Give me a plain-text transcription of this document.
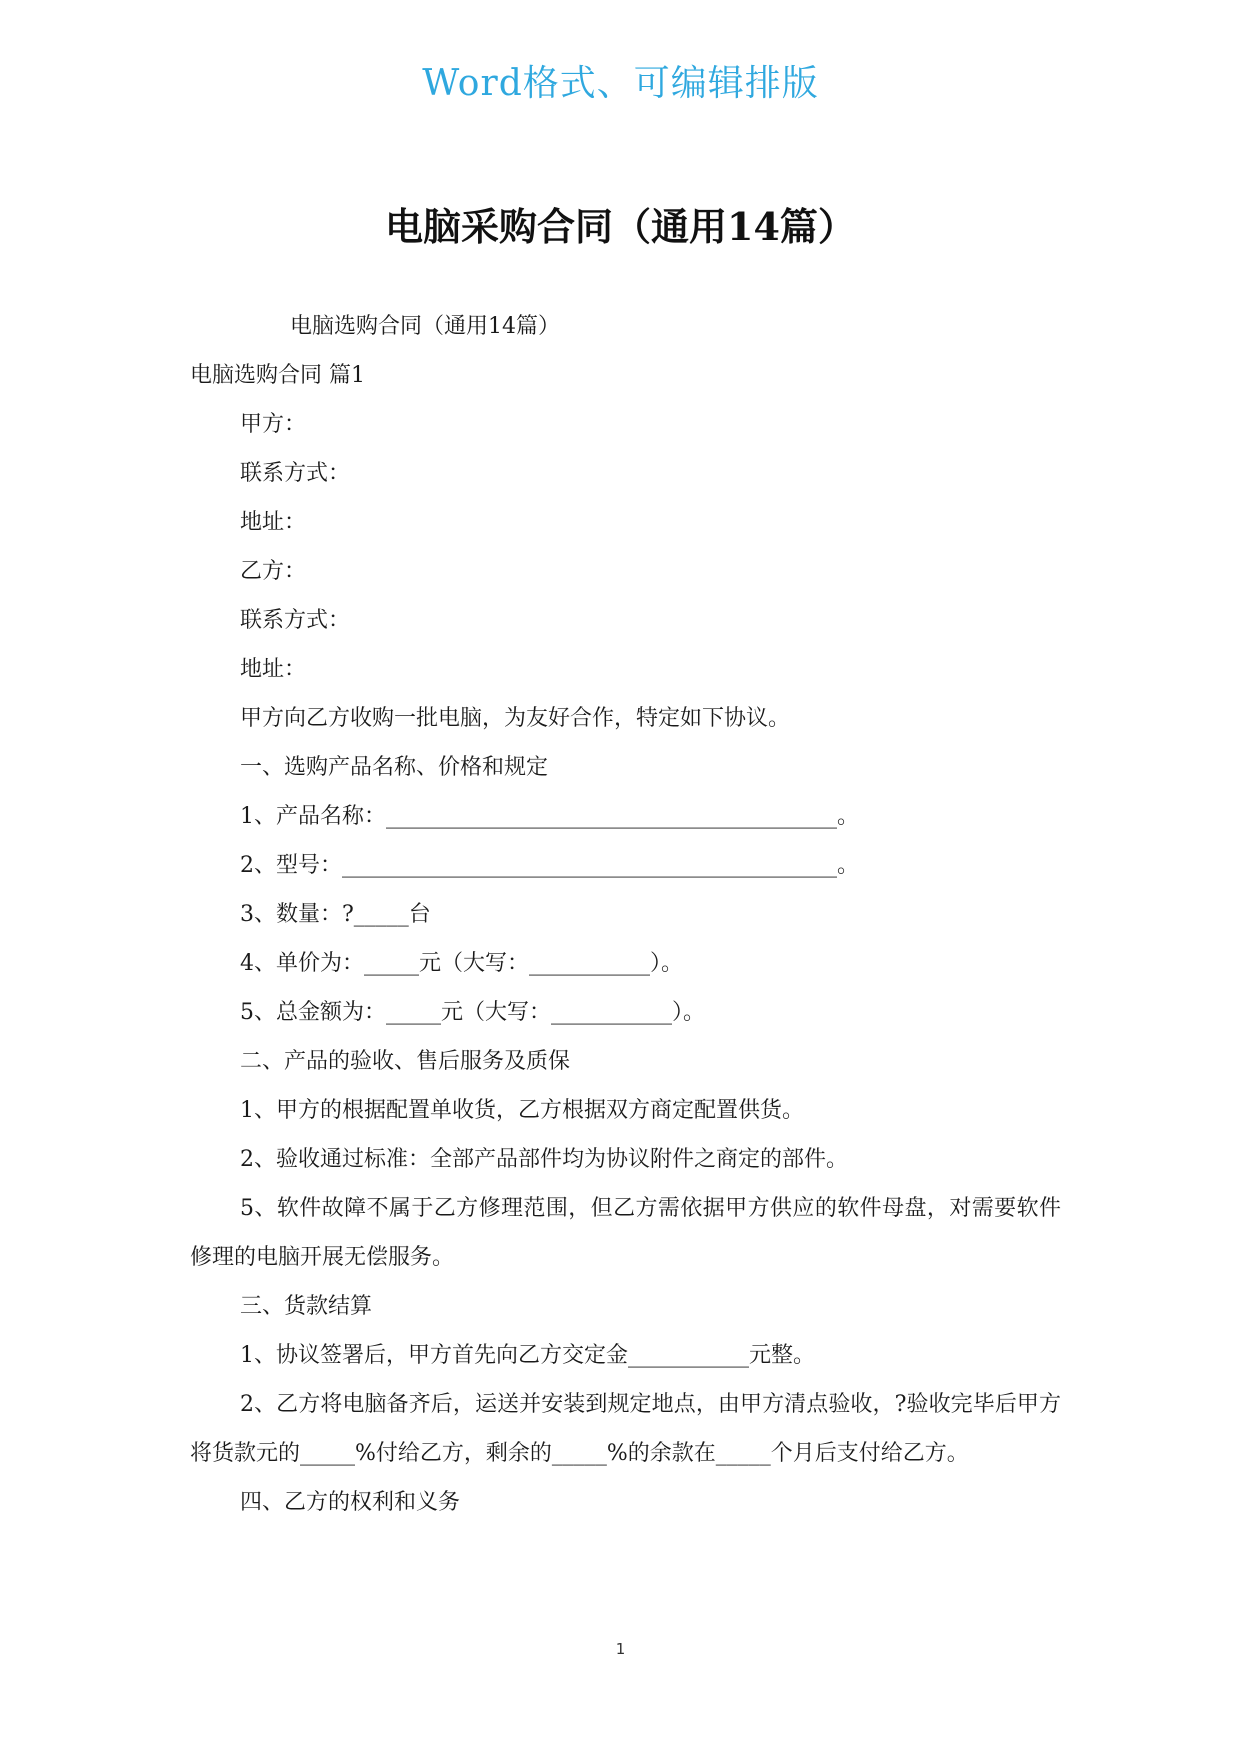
Word格式、可编辑排版
电脑采购合同（通用14篇）
电脑选购合同（通用14篇）
电脑选购合同 篇1
甲方：
联系方式：
地址：
乙方：
联系方式：
地址：
甲方向乙方收购一批电脑，为友好合作，特定如下协议。
一、选购产品名称、价格和规定
1、产品名称：_________________________________________。
2、型号：_____________________________________________。
3、数量：?_____台
4、单价为：_____元（大写：___________）。
5、总金额为：_____元（大写：___________）。
二、产品的验收、售后服务及质保
1、甲方的根据配置单收货，乙方根据双方商定配置供货。
2、验收通过标准：全部产品部件均为协议附件之商定的部件。
5、软件故障不属于乙方修理范围，但乙方需依据甲方供应的软件母盘，对需要软件修理的电脑开展无偿服务。
三、货款结算
1、协议签署后，甲方首先向乙方交定金___________元整。
2、乙方将电脑备齐后，运送并安装到规定地点，由甲方清点验收，?验收完毕后甲方将货款元的_____%付给乙方，剩余的_____%的余款在_____个月后支付给乙方。
四、乙方的权利和义务
1
